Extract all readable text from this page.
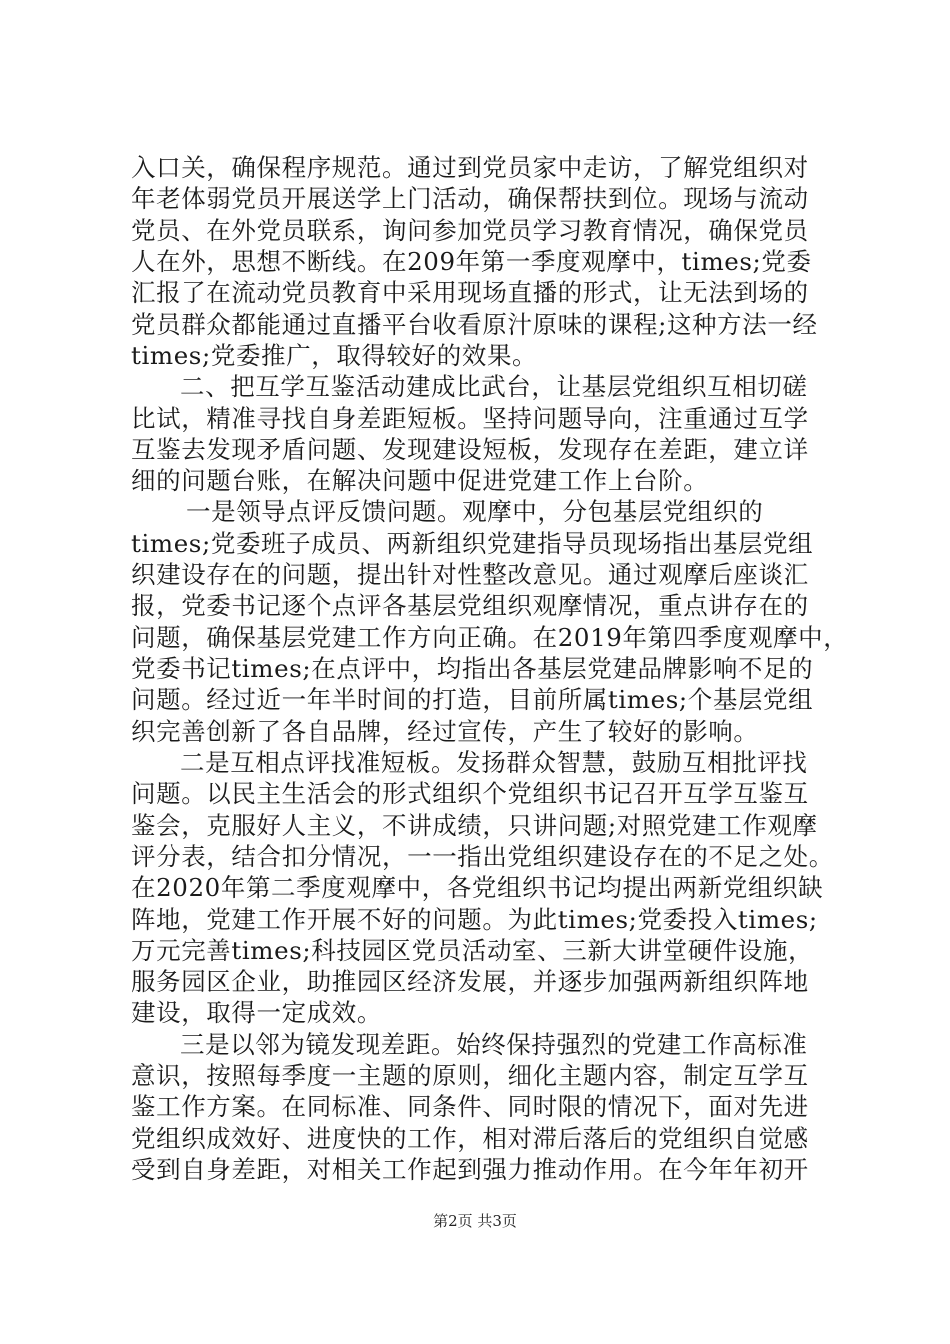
入口关，确保程序规范。通过到党员家中走访，了解党组织对
年老体弱党员开展送学上门活动，确保帮扶到位。现场与流动
党员、在外党员联系，询问参加党员学习教育情况，确保党员
人在外，思想不断线。在209年第一季度观摩中，times;党委
汇报了在流动党员教育中采用现场直播的形式，让无法到场的
党员群众都能通过直播平台收看原汁原味的课程;这种方法一经
times;党委推广，取得较好的效果。
二、把互学互鉴活动建成比武台，让基层党组织互相切磋
比试，精准寻找自身差距短板。坚持问题导向，注重通过互学
互鉴去发现矛盾问题、发现建设短板，发现存在差距，建立详
细的问题台账，在解决问题中促进党建工作上台阶。
一是领导点评反馈问题。观摩中，分包基层党组织的
times;党委班子成员、两新组织党建指导员现场指出基层党组
织建设存在的问题，提出针对性整改意见。通过观摩后座谈汇
报，党委书记逐个点评各基层党组织观摩情况，重点讲存在的
问题，确保基层党建工作方向正确。在2019年第四季度观摩中，
党委书记times;在点评中，均指出各基层党建品牌影响不足的
问题。经过近一年半时间的打造，目前所属times;个基层党组
织完善创新了各自品牌，经过宣传，产生了较好的影响。
二是互相点评找准短板。发扬群众智慧，鼓励互相批评找
问题。以民主生活会的形式组织个党组织书记召开互学互鉴互
鉴会，克服好人主义，不讲成绩，只讲问题;对照党建工作观摩
评分表，结合扣分情况，一一指出党组织建设存在的不足之处。
在2020年第二季度观摩中，各党组织书记均提出两新党组织缺
阵地，党建工作开展不好的问题。为此times;党委投入times;
万元完善times;科技园区党员活动室、三新大讲堂硬件设施，
服务园区企业，助推园区经济发展，并逐步加强两新组织阵地
建设，取得一定成效。
三是以邻为镜发现差距。始终保持强烈的党建工作高标准
意识，按照每季度一主题的原则，细化主题内容，制定互学互
鉴工作方案。在同标准、同条件、同时限的情况下，面对先进
党组织成效好、进度快的工作，相对滞后落后的党组织自觉感
受到自身差距，对相关工作起到强力推动作用。在今年年初开
第2页 共3页
